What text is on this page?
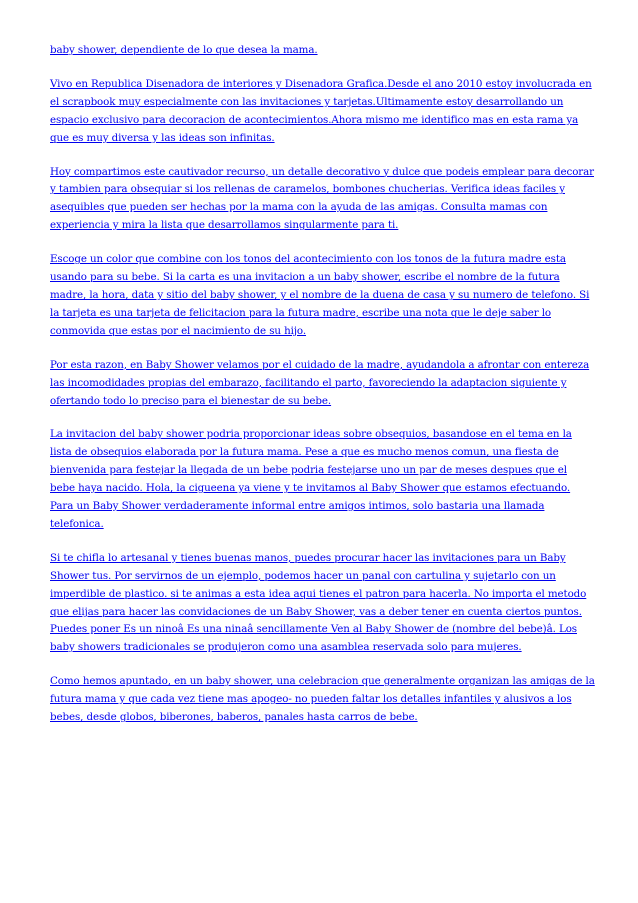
baby shower, dependiente de lo que desea la mama.

Vivo en Republica Disenadora de interiores y Disenadora Grafica.Desde el ano 2010 estoy involucrada en el scrapbook muy especialmente con las invitaciones y tarjetas.Ultimamente estoy desarrollando un espacio exclusivo para decoracion de acontecimientos.Ahora mismo me identifico mas en esta rama ya que es muy diversa y las ideas son infinitas.

Hoy compartimos este cautivador recurso, un detalle decorativo y dulce que podeis emplear para decorar y tambien para obsequiar si los rellenas de caramelos, bombones chucherias. Verifica ideas faciles y asequibles que pueden ser hechas por la mama con la ayuda de las amigas. Consulta mamas con experiencia y mira la lista que desarrollamos singularmente para ti.

Escoge un color que combine con los tonos del acontecimiento con los tonos de la futura madre esta usando para su bebe. Si la carta es una invitacion a un baby shower, escribe el nombre de la futura madre, la hora, data y sitio del baby shower, y el nombre de la duena de casa y su numero de telefono. Si la tarjeta es una tarjeta de felicitacion para la futura madre, escribe una nota que le deje saber lo conmovida que estas por el nacimiento de su hijo.

Por esta razon, en Baby Shower velamos por el cuidado de la madre, ayudandola a afrontar con entereza las incomodidades propias del embarazo, facilitando el parto, favoreciendo la adaptacion siguiente y ofertando todo lo preciso para el bienestar de su bebe.

La invitacion del baby shower podria proporcionar ideas sobre obsequios, basandose en el tema en la lista de obsequios elaborada por la futura mama. Pese a que es mucho menos comun, una fiesta de bienvenida para festejar la llegada de un bebe podria festejarse uno un par de meses despues que el bebe haya nacido. Hola, la cigueena ya viene y te invitamos al Baby Shower que estamos efectuando. Para un Baby Shower verdaderamente informal entre amigos intimos, solo bastaria una llamada telefonica.

Si te chifla lo artesanal y tienes buenas manos, puedes procurar hacer las invitaciones para un Baby Shower tus. Por servirnos de un ejemplo, podemos hacer un panal con cartulina y sujetarlo con un imperdible de plastico. si te animas a esta idea aqui tienes el patron para hacerla. No importa el metodo que elijas para hacer las convidaciones de un Baby Shower, vas a deber tener en cuenta ciertos puntos. Puedes poner Es un ninoâ Es una ninaâ sencillamente Ven al Baby Shower de (nombre del bebe)â. Los baby showers tradicionales se produjeron como una asamblea reservada solo para mujeres.

Como hemos apuntado, en un baby shower, una celebracion que generalmente organizan las amigas de la futura mama y que cada vez tiene mas apogeo- no pueden faltar los detalles infantiles y alusivos a los bebes, desde globos, biberones, baberos, panales hasta carros de bebe.
